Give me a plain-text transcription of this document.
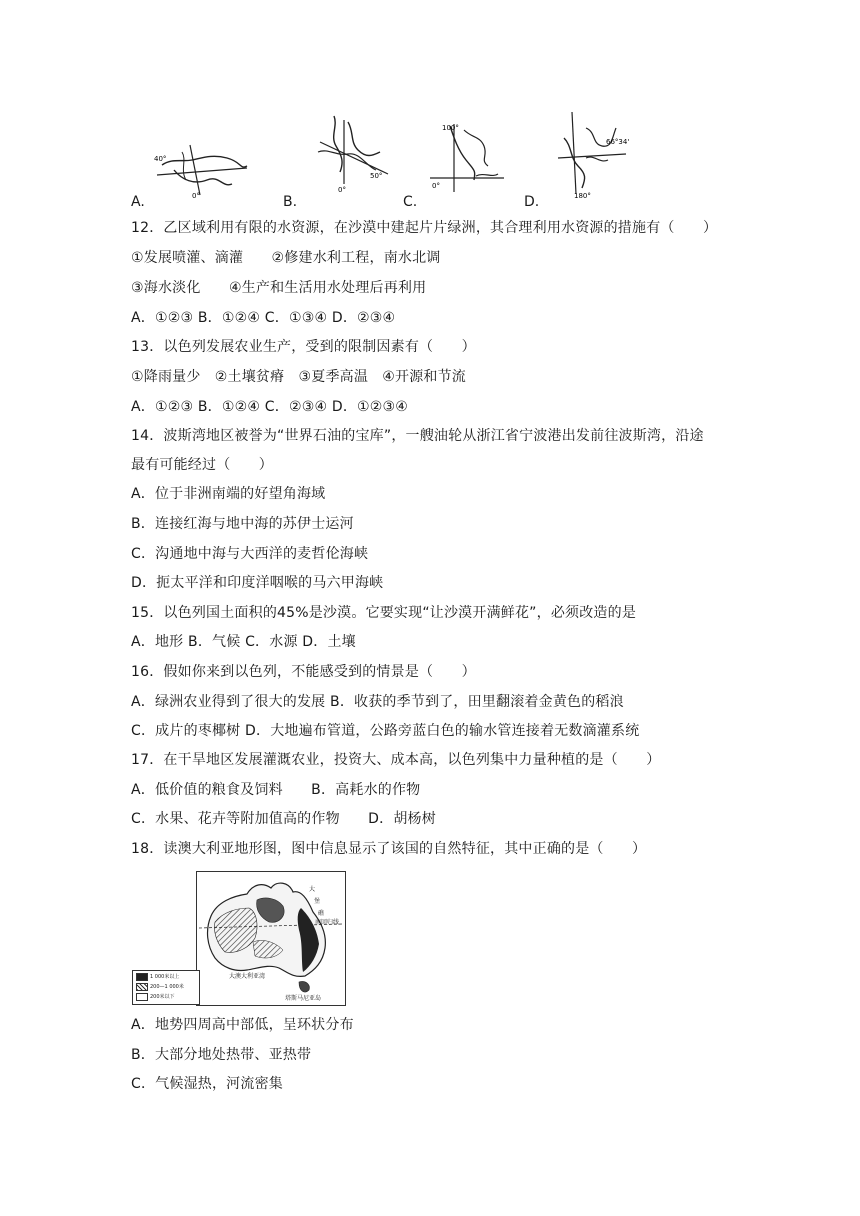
A.
40°
0°	B.
50°
0°
C.
100°
0°
D.
66°34'
180°
12．乙区域利用有限的水资源，在沙漠中建起片片绿洲，其合理利用水资源的措施有（　　）
①发展喷灌、滴灌　　②修建水利工程，南水北调
③海水淡化　　④生产和生活用水处理后再利用
A．①②③ B．①②④ C．①③④ D．②③④
13．以色列发展农业生产，受到的限制因素有（　　）
①降雨量少　②土壤贫瘠　③夏季高温　④开源和节流
A．①②③ B．①②④ C．②③④ D．①②③④
14．波斯湾地区被誉为“世界石油的宝库”，一艘油轮从浙江省宁波港出发前往波斯湾，沿途
最有可能经过（　　）
A．位于非洲南端的好望角海域
B．连接红海与地中海的苏伊士运河
C．沟通地中海与大西洋的麦哲伦海峡
D．扼太平洋和印度洋咽喉的马六甲海峡
15．以色列国土面积的45%是沙漠。它要实现“让沙漠开满鲜花”，必须改造的是
A．地形 B．气候 C．水源 D．土壤
16．假如你来到以色列，不能感受到的情景是（　　）
A．绿洲农业得到了很大的发展 B．收获的季节到了，田里翻滚着金黄色的稻浪
C．成片的枣椰树 D．大地遍布管道，公路旁蓝白色的输水管连接着无数滴灌系统
17．在干旱地区发展灌溉农业，投资大、成本高，以色列集中力量种植的是（　　）
A．低价值的粮食及饲料　　B．高耗水的作物
C．水果、花卉等附加值高的作物　　D．胡杨树
18．读澳大利亚地形图，图中信息显示了该国的自然特征，其中正确的是（　　）
大
堡
礁
南回归线
大澳大利亚湾
塔斯马尼亚岛
1 000米以上
200—1 000米
200米以下
A．地势四周高中部低，呈环状分布
B．大部分地处热带、亚热带
C．气候湿热，河流密集
